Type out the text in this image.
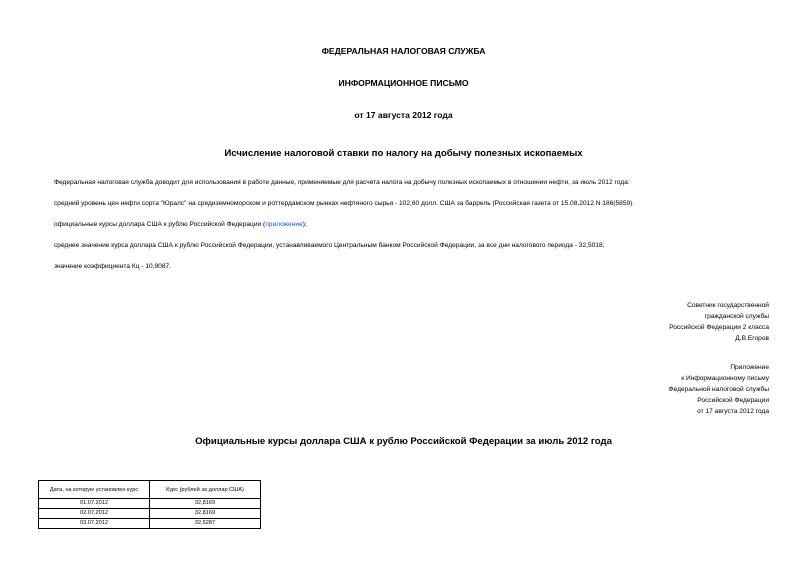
ФЕДЕРАЛЬНАЯ НАЛОГОВАЯ СЛУЖБА
ИНФОРМАЦИОННОЕ ПИСЬМО
от 17 августа 2012 года
Исчисление налоговой ставки по налогу на добычу полезных ископаемых
Федеральная налоговая служба доводит для использования в работе данные, применяемые для расчета налога на добычу полезных ископаемых в отношении нефти, за июль 2012 года:
средний уровень цен нефти сорта "Юралс" на средиземноморском и роттердамском рынках нефтяного сырья - 102,60 долл. США за баррель (Российская газета от 15.08.2012 N 186(5859).
официальные курсы доллара США к рублю Российской Федерации (приложение);
среднее значение курса доллара США к рублю Российской Федерации, устанавливаемого Центральным банком Российской Федерации, за все дни налогового периода - 32,5018;
значение коэффициента Кц - 10,9087.
Советник государственной
гражданской службы
Российской Федерации 2 класса
Д.В.Егоров
Приложение
к Информационному письму
Федеральной налоговой службы
Российской Федерации
от 17 августа 2012 года
Официальные курсы доллара США к рублю Российской Федерации за июль 2012 года
Дата, на которую установлен курс	Курс (рублей за доллар США)
01.07.2012	32,8169
02.07.2012	32,8169
03.07.2012	32,5287
